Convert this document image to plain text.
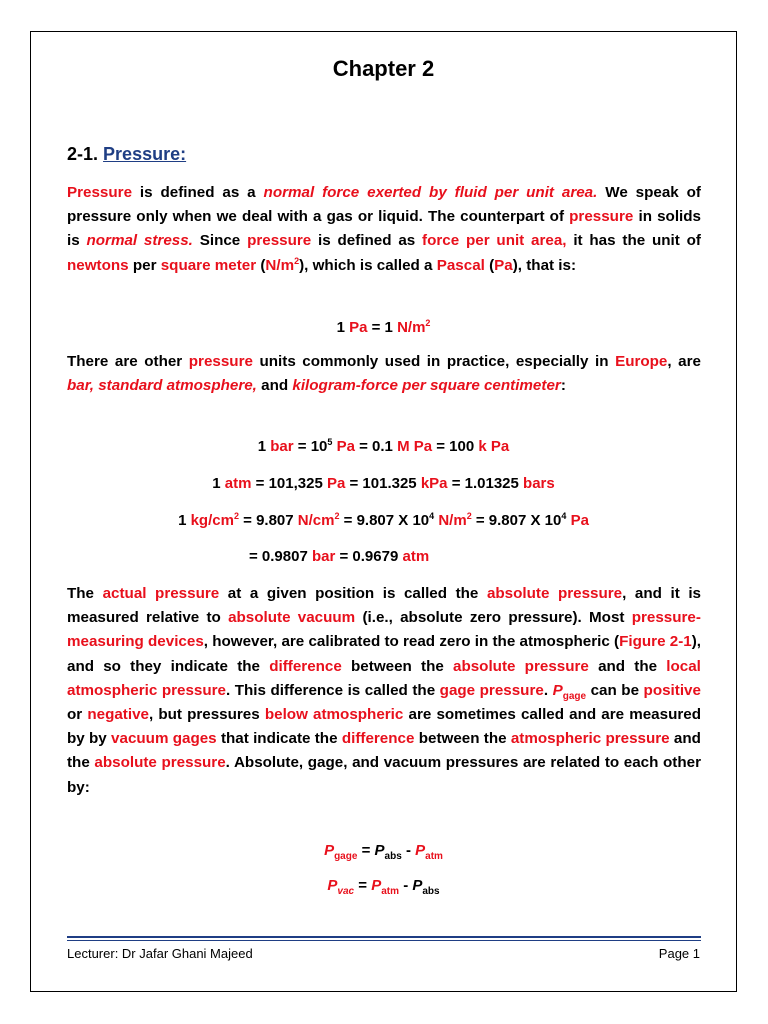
Chapter 2
2-1. Pressure:
Pressure is defined as a normal force exerted by fluid per unit area. We speak of pressure only when we deal with a gas or liquid. The counterpart of pressure in solids is normal stress. Since pressure is defined as force per unit area, it has the unit of newtons per square meter $(N/m^2)$, which is called a Pascal (Pa), that is:
1 Pa = 1 $N/m^2$
There are other pressure units commonly used in practice, especially in Europe, are bar, standard atmosphere, and kilogram-force per square centimeter:
1 bar = $10^5$ Pa = 0.1 M Pa = 100 k Pa
1 atm = 101,325 Pa = 101.325 kPa = 1.01325 bars
1 $kg/cm^2 = 9.807$ $N/cm^2 = 9.807$ X $10^4$ $N/m^2 = 9.807$ X $10^4$ Pa
= 0.9807 bar = 0.9679 atm
The actual pressure at a given position is called the absolute pressure, and it is measured relative to absolute vacuum (i.e., absolute zero pressure). Most pressure-measuring devices, however, are calibrated to read zero in the atmospheric (Figure 2-1), and so they indicate the difference between the absolute pressure and the local atmospheric pressure. This difference is called the gage pressure. $P_{gage}$ can be positive or negative, but pressures below atmospheric are sometimes called and are measured by by vacuum gages that indicate the difference between the atmospheric pressure and the absolute pressure. Absolute, gage, and vacuum pressures are related to each other by:
$P_{gage} = P_{abs} - P_{atm}$
$P_{vac} = P_{atm} - P_{abs}$
Lecturer: Dr Jafar Ghani Majeed	Page 1
